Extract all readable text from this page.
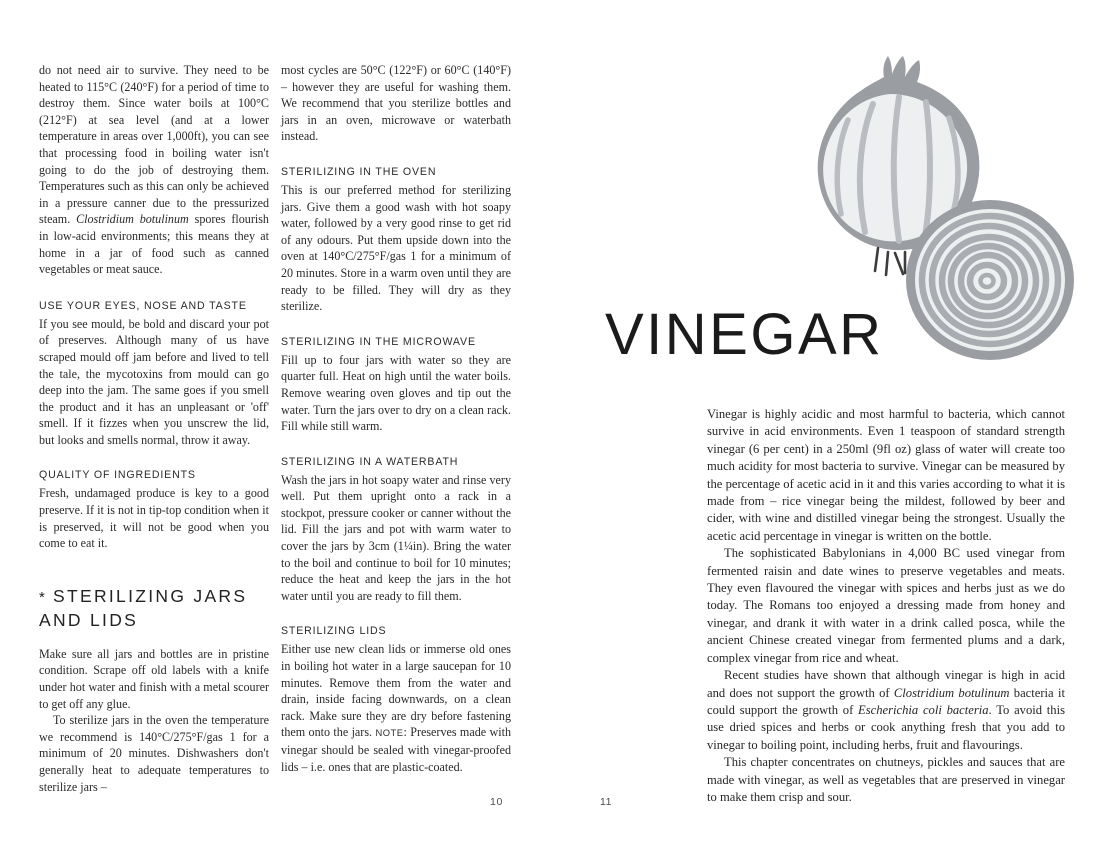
do not need air to survive. They need to be heated to 115°C (240°F) for a period of time to destroy them. Since water boils at 100°C (212°F) at sea level (and at a lower temperature in areas over 1,000ft), you can see that processing food in boiling water isn't going to do the job of destroying them. Temperatures such as this can only be achieved in a pressure canner due to the pressurized steam. Clostridium botulinum spores flourish in low-acid environments; this means they at home in a jar of food such as canned vegetables or meat sauce.

USE YOUR EYES, NOSE AND TASTE

If you see mould, be bold and discard your pot of preserves. Although many of us have scraped mould off jam before and lived to tell the tale, the mycotoxins from mould can go deep into the jam. The same goes if you smell the product and it has an unpleasant or 'off' smell. If it fizzes when you unscrew the lid, but looks and smells normal, throw it away.

QUALITY OF INGREDIENTS

Fresh, undamaged produce is key to a good preserve. If it is not in tip-top condition when it is preserved, it will not be good when you come to eat it.

* STERILIZING JARS AND LIDS

Make sure all jars and bottles are in pristine condition. Scrape off old labels with a knife under hot water and finish with a metal scourer to get off any glue.

To sterilize jars in the oven the temperature we recommend is 140°C/275°F/gas 1 for a minimum of 20 minutes. Dishwashers don't generally heat to adequate temperatures to sterilize jars –

most cycles are 50°C (122°F) or 60°C (140°F) – however they are useful for washing them. We recommend that you sterilize bottles and jars in an oven, microwave or waterbath instead.

STERILIZING IN THE OVEN

This is our preferred method for sterilizing jars. Give them a good wash with hot soapy water, followed by a very good rinse to get rid of any odours. Put them upside down into the oven at 140°C/275°F/gas 1 for a minimum of 20 minutes. Store in a warm oven until they are ready to be filled. They will dry as they sterilize.

STERILIZING IN THE MICROWAVE

Fill up to four jars with water so they are quarter full. Heat on high until the water boils. Remove wearing oven gloves and tip out the water. Turn the jars over to dry on a clean rack. Fill while still warm.

STERILIZING IN A WATERBATH

Wash the jars in hot soapy water and rinse very well. Put them upright onto a rack in a stockpot, pressure cooker or canner without the lid. Fill the jars and pot with warm water to cover the jars by 3cm (1¼in). Bring the water to the boil and continue to boil for 10 minutes; reduce the heat and keep the jars in the hot water until you are ready to fill them.

STERILIZING LIDS

Either use new clean lids or immerse old ones in boiling hot water in a large saucepan for 10 minutes. Remove them from the water and drain, inside facing downwards, on a clean rack. Make sure they are dry before fastening them onto the jars. NOTE: Preserves made with vinegar should be sealed with vinegar-proofed lids – i.e. ones that are plastic-coated.

10
VINEGAR

Vinegar is highly acidic and most harmful to bacteria, which cannot survive in acid environments. Even 1 teaspoon of standard strength vinegar (6 per cent) in a 250ml (9fl oz) glass of water will create too much acidity for most bacteria to survive. Vinegar can be measured by the percentage of acetic acid in it and this varies according to what it is made from – rice vinegar being the mildest, followed by beer and cider, with wine and distilled vinegar being the strongest. Usually the acetic acid percentage in vinegar is written on the bottle.

The sophisticated Babylonians in 4,000 BC used vinegar from fermented raisin and date wines to preserve vegetables and meats. They even flavoured the vinegar with spices and herbs just as we do today. The Romans too enjoyed a dressing made from honey and vinegar, and drank it with water in a drink called posca, while the ancient Chinese created vinegar from fermented plums and a dark, complex vinegar from rice and wheat.

Recent studies have shown that although vinegar is high in acid and does not support the growth of Clostridium botulinum bacteria it could support the growth of Escherichia coli bacteria. To avoid this use dried spices and herbs or cook anything fresh that you add to vinegar to boiling point, including herbs, fruit and flavourings.

This chapter concentrates on chutneys, pickles and sauces that are made with vinegar, as well as vegetables that are preserved in vinegar to make them crisp and sour.

11
